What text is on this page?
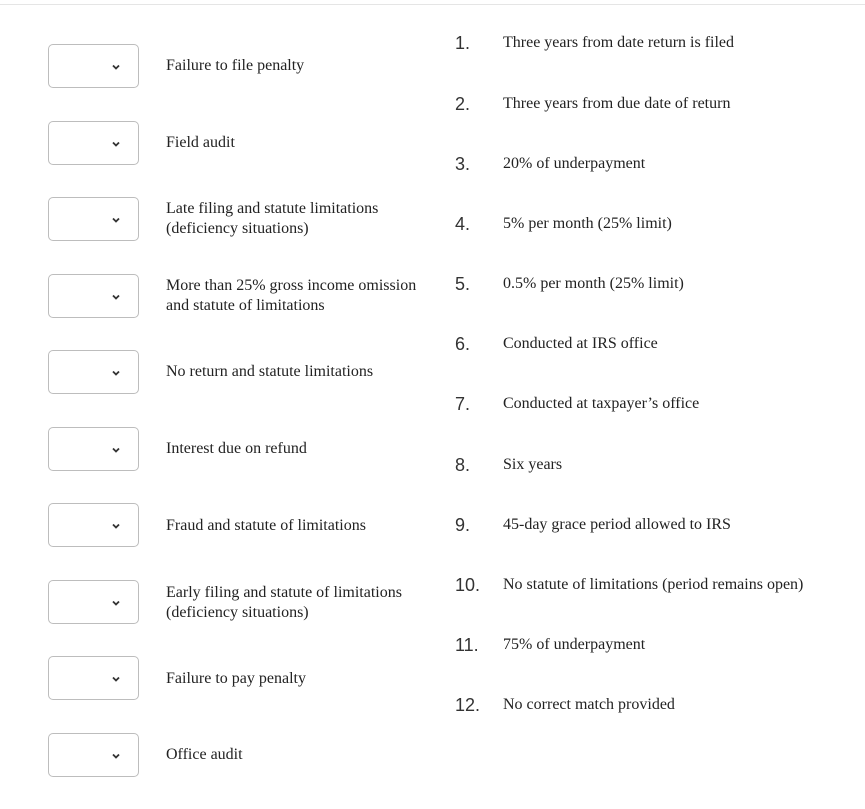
Failure to file penalty
Field audit
Late filing and statute limitations (deficiency situations)
More than 25% gross income omission and statute of limitations
No return and statute limitations
Interest due on refund
Fraud and statute of limitations
Early filing and statute of limitations (deficiency situations)
Failure to pay penalty
Office audit
1.	Three years from date return is filed
2.	Three years from due date of return
3.	20% of underpayment
4.	5% per month (25% limit)
5.	0.5% per month (25% limit)
6.	Conducted at IRS office
7.	Conducted at taxpayer’s office
8.	Six years
9.	45-day grace period allowed to IRS
10.	No statute of limitations (period remains open)
11.	75% of underpayment
12.	No correct match provided
